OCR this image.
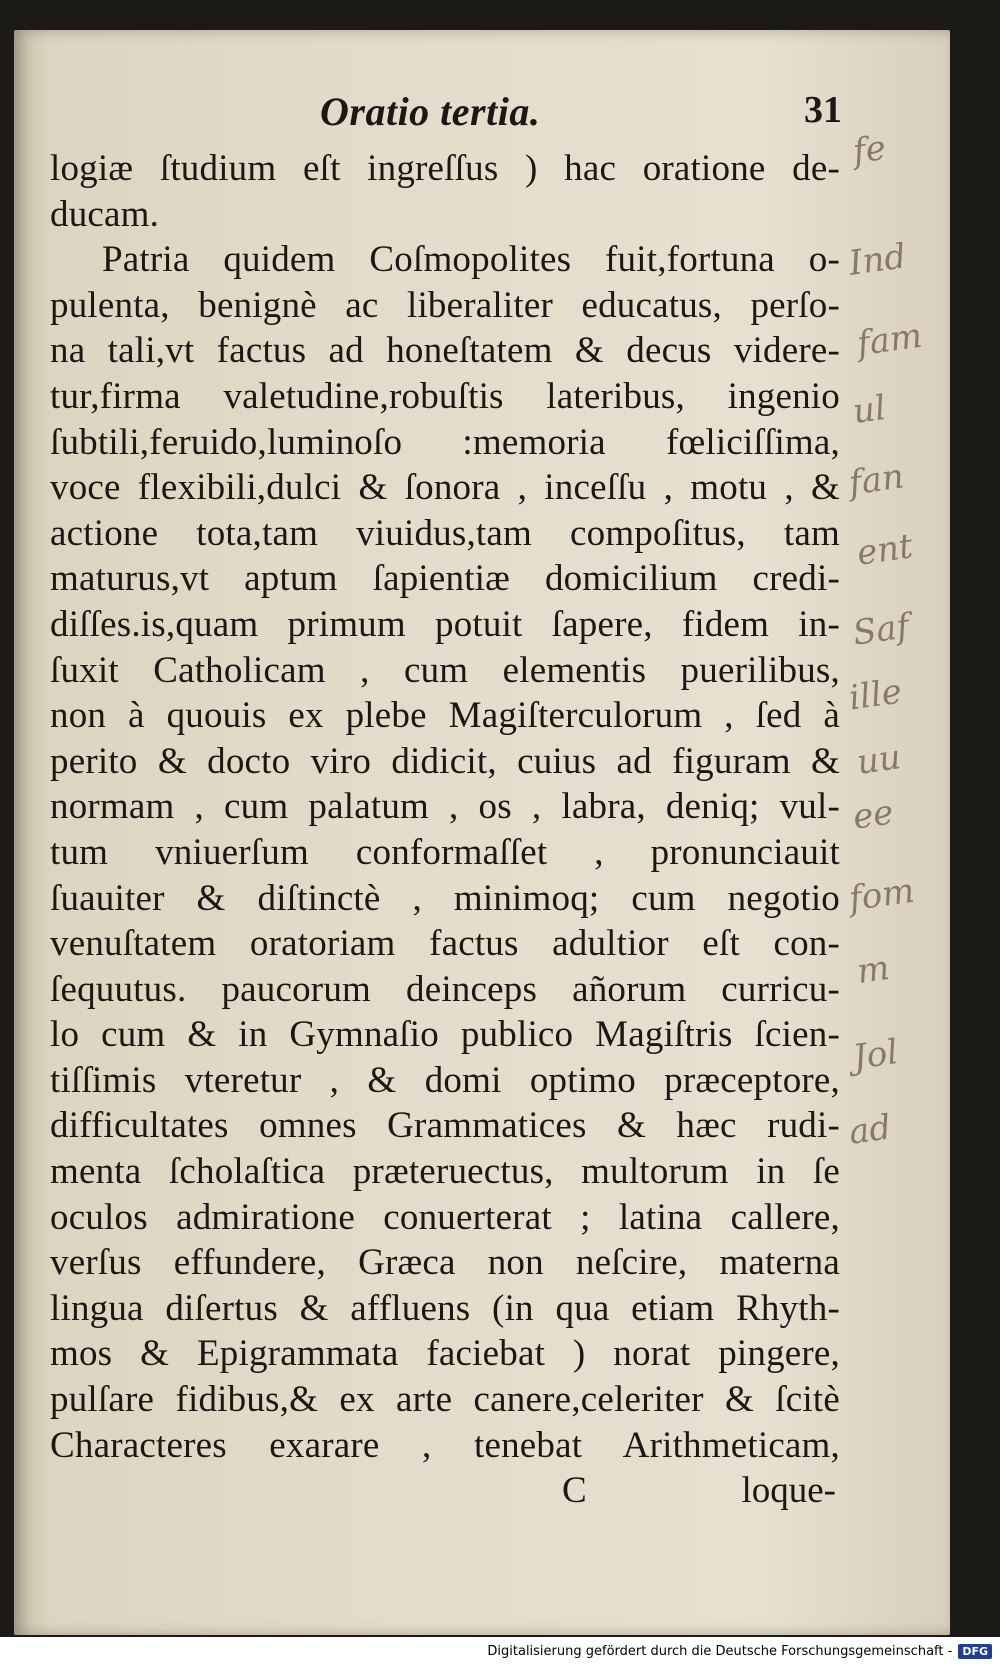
Oratio tertia.	31
logiæ ſtudium eſt ingreſſus ) hac oratione de-
ducam.
Patria quidem Coſmopolites fuit,fortuna o-
pulenta, benignè ac liberaliter educatus, perſo-
na tali,vt factus ad honeſtatem & decus videre-
tur,firma valetudine,robuſtis lateribus, ingenio
ſubtili,feruido,luminoſo :memoria fœliciſſima,
voce flexibili,dulci & ſonora , inceſſu , motu , &
actione tota,tam viuidus,tam compoſitus, tam
maturus,vt aptum ſapientiæ domicilium credi-
diſſes.is,quam primum potuit ſapere, fidem in-
ſuxit Catholicam , cum elementis puerilibus,
non à quouis ex plebe Magiſterculorum , ſed à
perito & docto viro didicit, cuius ad figuram &
normam , cum palatum , os , labra, deniq; vul-
tum vniuerſum conformaſſet , pronunciauit
ſuauiter & diſtinctè , minimoq; cum negotio
venuſtatem oratoriam factus adultior eſt con-
ſequutus. paucorum deinceps añorum curricu-
lo cum & in Gymnaſio publico Magiſtris ſcien-
tiſſimis vteretur , & domi optimo præceptore,
difficultates omnes Grammatices & hæc rudi-
menta ſcholaſtica præteruectus, multorum in ſe
oculos admiratione conuerterat ; latina callere,
verſus effundere, Græca non neſcire, materna
lingua diſertus & affluens (in qua etiam Rhyth-
mos & Epigrammata faciebat ) norat pingere,
pulſare fidibus,& ex arte canere,celeriter & ſcitè
Characteres exarare , tenebat Arithmeticam,
C	loque-
fe
Ind
fam
ul
fan
ent
Saf
ille
uu
ee
fom
m
Jol
ad
Digitalisierung gefördert durch die Deutsche Forschungsgemeinschaft - DFG
